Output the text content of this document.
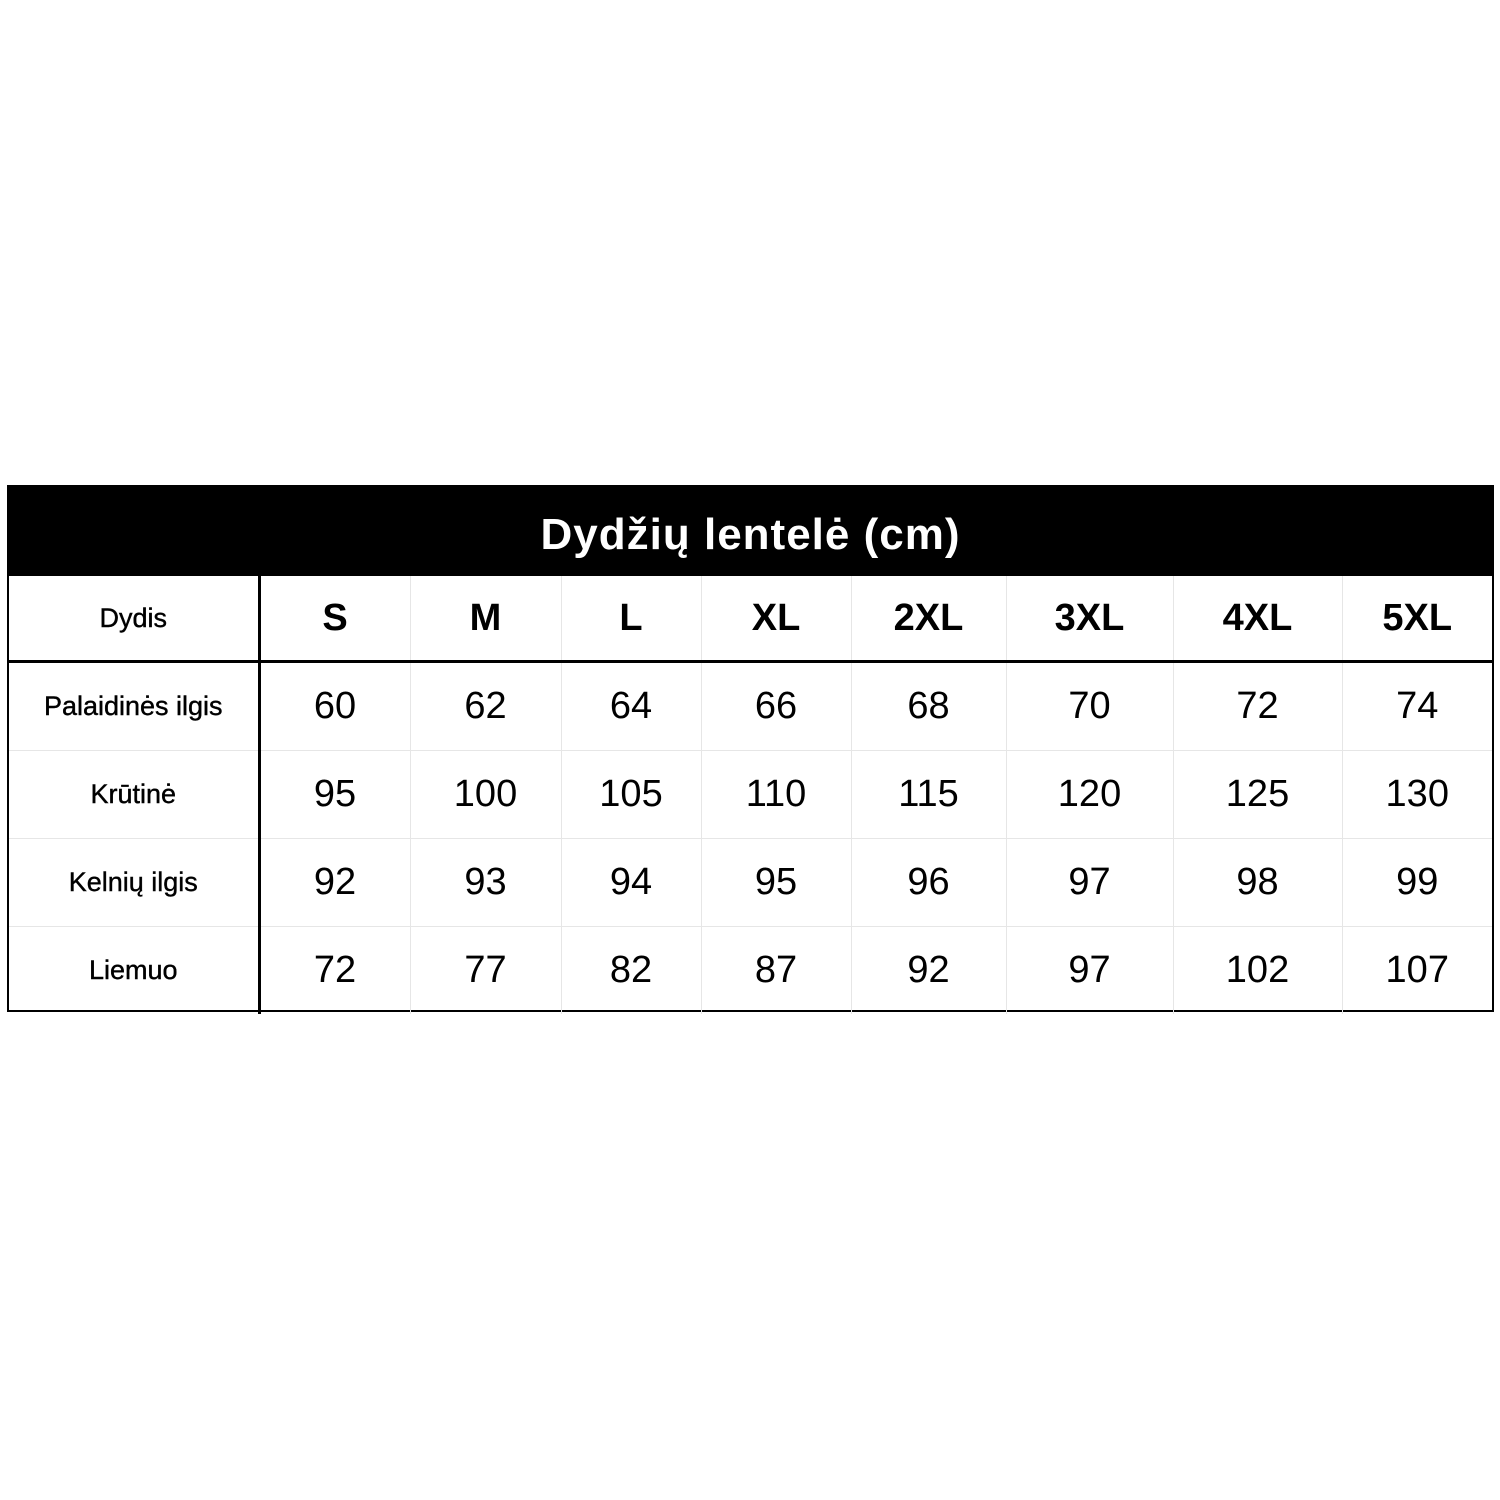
Dydžių lentelė (cm)
Dydis	S	M	L	XL	2XL	3XL	4XL	5XL
Palaidinės ilgis	60	62	64	66	68	70	72	74
Krūtinė	95	100	105	110	115	120	125	130
Kelnių ilgis	92	93	94	95	96	97	98	99
Liemuo	72	77	82	87	92	97	102	107
